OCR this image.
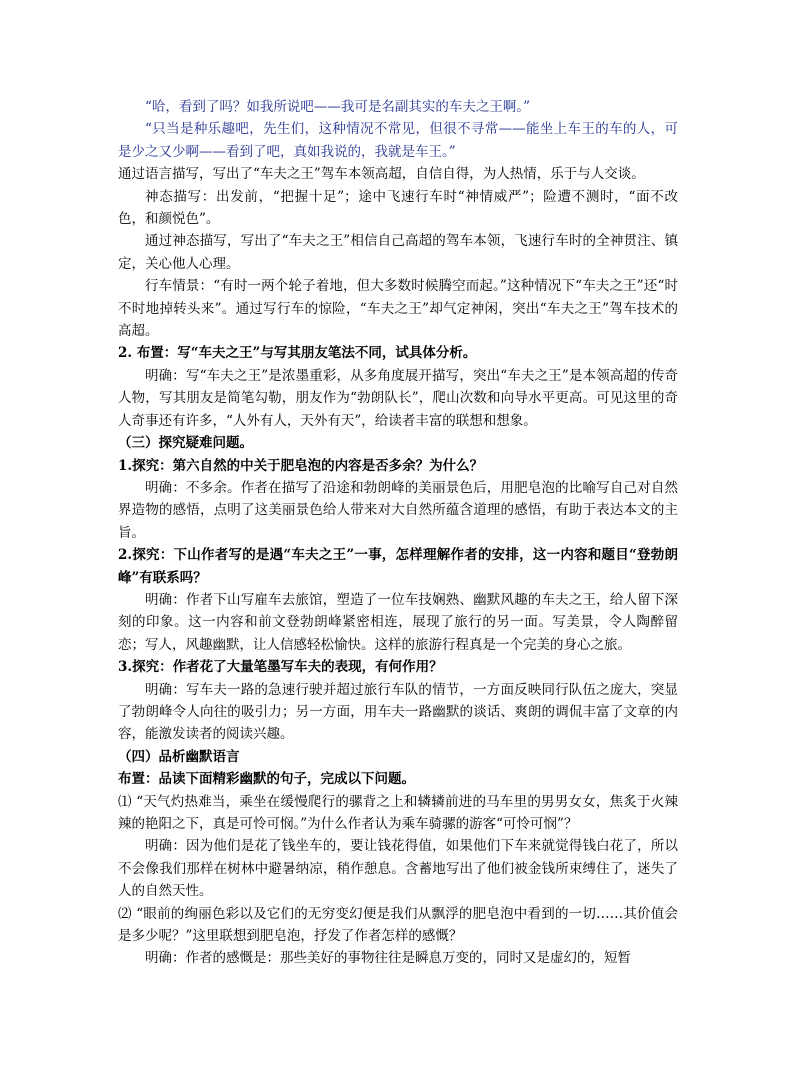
“哈，看到了吗？如我所说吧——我可是名副其实的车夫之王啊。”

“只当是种乐趣吧，先生们，这种情况不常见，但很不寻常——能坐上车王的车的人，可是少之又少啊——看到了吧，真如我说的，我就是车王。”

通过语言描写，写出了“车夫之王”驾车本领高超，自信自得，为人热情，乐于与人交谈。

神态描写：出发前，“把握十足”；途中飞速行车时“神情威严”；险遭不测时，“面不改色，和颜悦色”。

通过神态描写，写出了“车夫之王”相信自己高超的驾车本领，飞速行车时的全神贯注、镇定，关心他人心理。

行车情景：“有时一两个轮子着地，但大多数时候腾空而起。”这种情况下“车夫之王”还“时不时地掉转头来”。通过写行车的惊险，“车夫之王”却气定神闲，突出“车夫之王”驾车技术的高超。

2. 布置：写“车夫之王”与写其朋友笔法不同，试具体分析。

明确：写“车夫之王”是浓墨重彩，从多角度展开描写，突出“车夫之王”是本领高超的传奇人物，写其朋友是简笔勾勒，朋友作为“勃朗队长”，爬山次数和向导水平更高。可见这里的奇人奇事还有许多，“人外有人，天外有天”，给读者丰富的联想和想象。

（三）探究疑难问题。

1.探究：第六自然的中关于肥皂泡的内容是否多余？为什么？

明确：不多余。作者在描写了沿途和勃朗峰的美丽景色后，用肥皂泡的比喻写自己对自然界造物的感悟，点明了这美丽景色给人带来对大自然所蕴含道理的感悟，有助于表达本文的主旨。

2.探究：下山作者写的是遇“车夫之王”一事，怎样理解作者的安排，这一内容和题目“登勃朗峰”有联系吗？

明确：作者下山写雇车去旅馆，塑造了一位车技娴熟、幽默风趣的车夫之王，给人留下深刻的印象。这一内容和前文登勃朗峰紧密相连，展现了旅行的另一面。写美景，令人陶醉留恋；写人，风趣幽默，让人信感轻松愉快。这样的旅游行程真是一个完美的身心之旅。

3.探究：作者花了大量笔墨写车夫的表现，有何作用？

明确：写车夫一路的急速行驶并超过旅行车队的情节，一方面反映同行队伍之庞大，突显了勃朗峰令人向往的吸引力；另一方面，用车夫一路幽默的谈话、爽朗的调侃丰富了文章的内容，能激发读者的阅读兴趣。

（四）品析幽默语言

布置：品读下面精彩幽默的句子，完成以下问题。

⑴ “天气灼热难当，乘坐在缓慢爬行的骡背之上和辚辚前进的马车里的男男女女，焦炙于火辣辣的艳阳之下，真是可怜可悯。”为什么作者认为乘车骑骡的游客“可怜可悯”？

明确：因为他们是花了钱坐车的，要让钱花得值，如果他们下车来就觉得钱白花了，所以不会像我们那样在树林中避暑纳凉，稍作憩息。含蓄地写出了他们被金钱所束缚住了，迷失了人的自然天性。

⑵ “眼前的绚丽色彩以及它们的无穷变幻便是我们从飘浮的肥皂泡中看到的一切……其价值会是多少呢？”这里联想到肥皂泡，抒发了作者怎样的感慨？

明确：作者的感慨是：那些美好的事物往往是瞬息万变的，同时又是虚幻的，短暂
